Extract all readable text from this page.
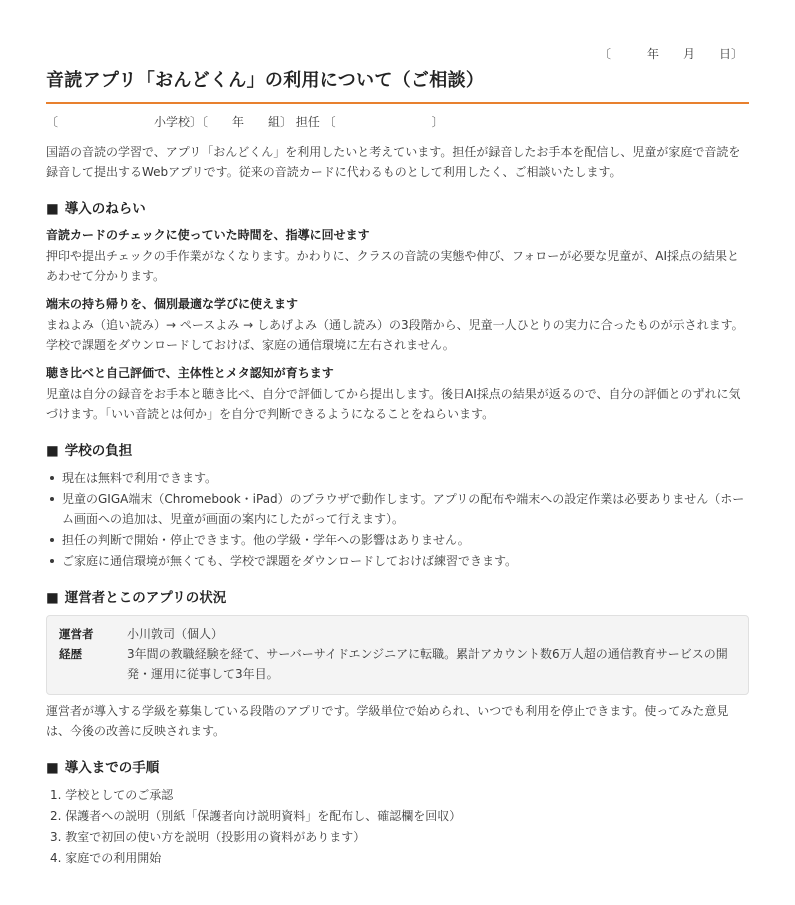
〔　　　年　　月　　日〕
音読アプリ「おんどくん」の利用について（ご相談）
〔　　　　　　　　小学校〕〔　　年　　組〕 担任 〔　　　　　　　　〕

国語の音読の学習で、アプリ「おんどくん」を利用したいと考えています。担任が録音したお手本を配信し、児童が家庭で音読を録音して提出するWebアプリです。従来の音読カードに代わるものとして利用したく、ご相談いたします。

■ 導入のねらい
音読カードのチェックに使っていた時間を、指導に回せます

押印や提出チェックの手作業がなくなります。かわりに、クラスの音読の実態や伸び、フォローが必要な児童が、AI採点の結果とあわせて分かります。

端末の持ち帰りを、個別最適な学びに使えます

まねよみ（追い読み）→ ペースよみ → しあげよみ（通し読み）の3段階から、児童一人ひとりの実力に合ったものが示されます。学校で課題をダウンロードしておけば、家庭の通信環境に左右されません。

聴き比べと自己評価で、主体性とメタ認知が育ちます

児童は自分の録音をお手本と聴き比べ、自分で評価してから提出します。後日AI採点の結果が返るので、自分の評価とのずれに気づけます。「いい音読とは何か」を自分で判断できるようになることをねらいます。

■ 学校の負担
現在は無料で利用できます。
児童のGIGA端末（Chromebook・iPad）のブラウザで動作します。アプリの配布や端末への設定作業は必要ありません（ホーム画面への追加は、児童が画面の案内にしたがって行えます）。
担任の判断で開始・停止できます。他の学級・学年への影響はありません。
ご家庭に通信環境が無くても、学校で課題をダウンロードしておけば練習できます。
■ 運営者とこのアプリの状況
運営者	小川敦司（個人）
経歴	3年間の教職経験を経て、サーバーサイドエンジニアに転職。累計アカウント数6万人超の通信教育サービスの開発・運用に従事して3年目。

運営者が導入する学級を募集している段階のアプリです。学級単位で始められ、いつでも利用を停止できます。使ってみた意見は、今後の改善に反映されます。

■ 導入までの手順
1. 学校としてのご承認
2. 保護者への説明（別紙「保護者向け説明資料」を配布し、確認欄を回収）
3. 教室で初回の使い方を説明（投影用の資料があります）
4. 家庭での利用開始
